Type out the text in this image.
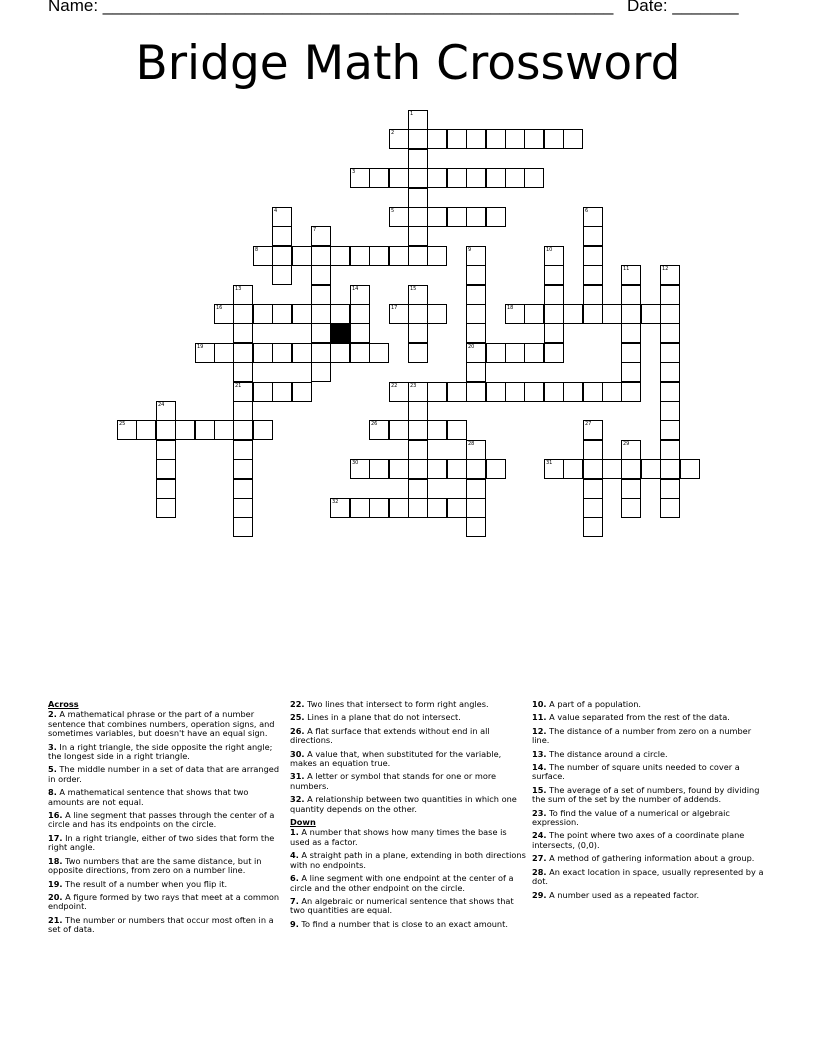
Name: ______________________________________________________ Date: _______
Bridge Math Crossword
2
3
5
8
16	17	18
19	20
21	22	23
25	26
30	31
32
1
4	6
7
9	10
11	12
13	14	15
24
27
28	29
Across
2. A mathematical phrase or the part of a number sentence that combines numbers, operation signs, and sometimes variables, but doesn't have an equal sign.
3. In a right triangle, the side opposite the right angle; the longest side in a right triangle.
5. The middle number in a set of data that are arranged in order.
8. A mathematical sentence that shows that two amounts are not equal.
16. A line segment that passes through the center of a circle and has its endpoints on the circle.
17. In a right triangle, either of two sides that form the right angle.
18. Two numbers that are the same distance, but in opposite directions, from zero on a number line.
19. The result of a number when you flip it.
20. A figure formed by two rays that meet at a common endpoint.
21. The number or numbers that occur most often in a set of data.
22. Two lines that intersect to form right angles.
25. Lines in a plane that do not intersect.
26. A flat surface that extends without end in all directions.
30. A value that, when substituted for the variable, makes an equation true.
31. A letter or symbol that stands for one or more numbers.
32. A relationship between two quantities in which one quantity depends on the other.
Down
1. A number that shows how many times the base is used as a factor.
4. A straight path in a plane, extending in both directions with no endpoints.
6. A line segment with one endpoint at the center of a circle and the other endpoint on the circle.
7. An algebraic or numerical sentence that shows that two quantities are equal.
9. To find a number that is close to an exact amount.
10. A part of a population.
11. A value separated from the rest of the data.
12. The distance of a number from zero on a number line.
13. The distance around a circle.
14. The number of square units needed to cover a surface.
15. The average of a set of numbers, found by dividing the sum of the set by the number of addends.
23. To find the value of a numerical or algebraic expression.
24. The point where two axes of a coordinate plane intersects, (0,0).
27. A method of gathering information about a group.
28. An exact location in space, usually represented by a dot.
29. A number used as a repeated factor.
